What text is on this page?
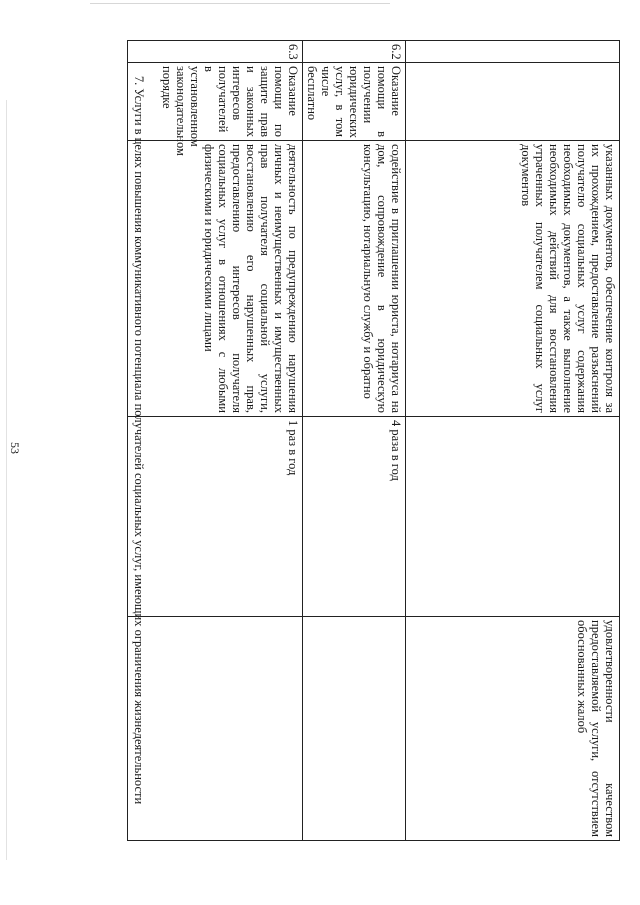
53
		указанных документов, обеспечение контроля за их прохождением, предоставление разъяснений получателю социальных услуг содержания необходимых документов, а также выполнение необходимых действий для восстановления утраченных получателем социальных услуг документов		удовлетворенности качеством предоставляемой услуги, отсутствием обоснованных жалоб
6.2	Оказание помощи в получении юридических услуг, в том числе бесплатно	содействие в приглашении юриста, нотариуса на дом, сопровождение в юридическую консультацию, нотариальную службу и обратно	4 раза в год	
6.3	Оказание помощи по защите прав и законных интересов получателей в установленном законодательном порядке	деятельность по предупреждению нарушения личных и неимущественных и имущественных прав получателя социальной услуги, восстановлению его нарушенных прав, предоставлению интересов получателя социальных услуг в отношениях с любыми физическими и юридическими лицами	1 раз в год	
7. Услуги в целях повышения коммуникативного потенциала получателей социальных услуг, имеющих ограничения жизнедеятельности
